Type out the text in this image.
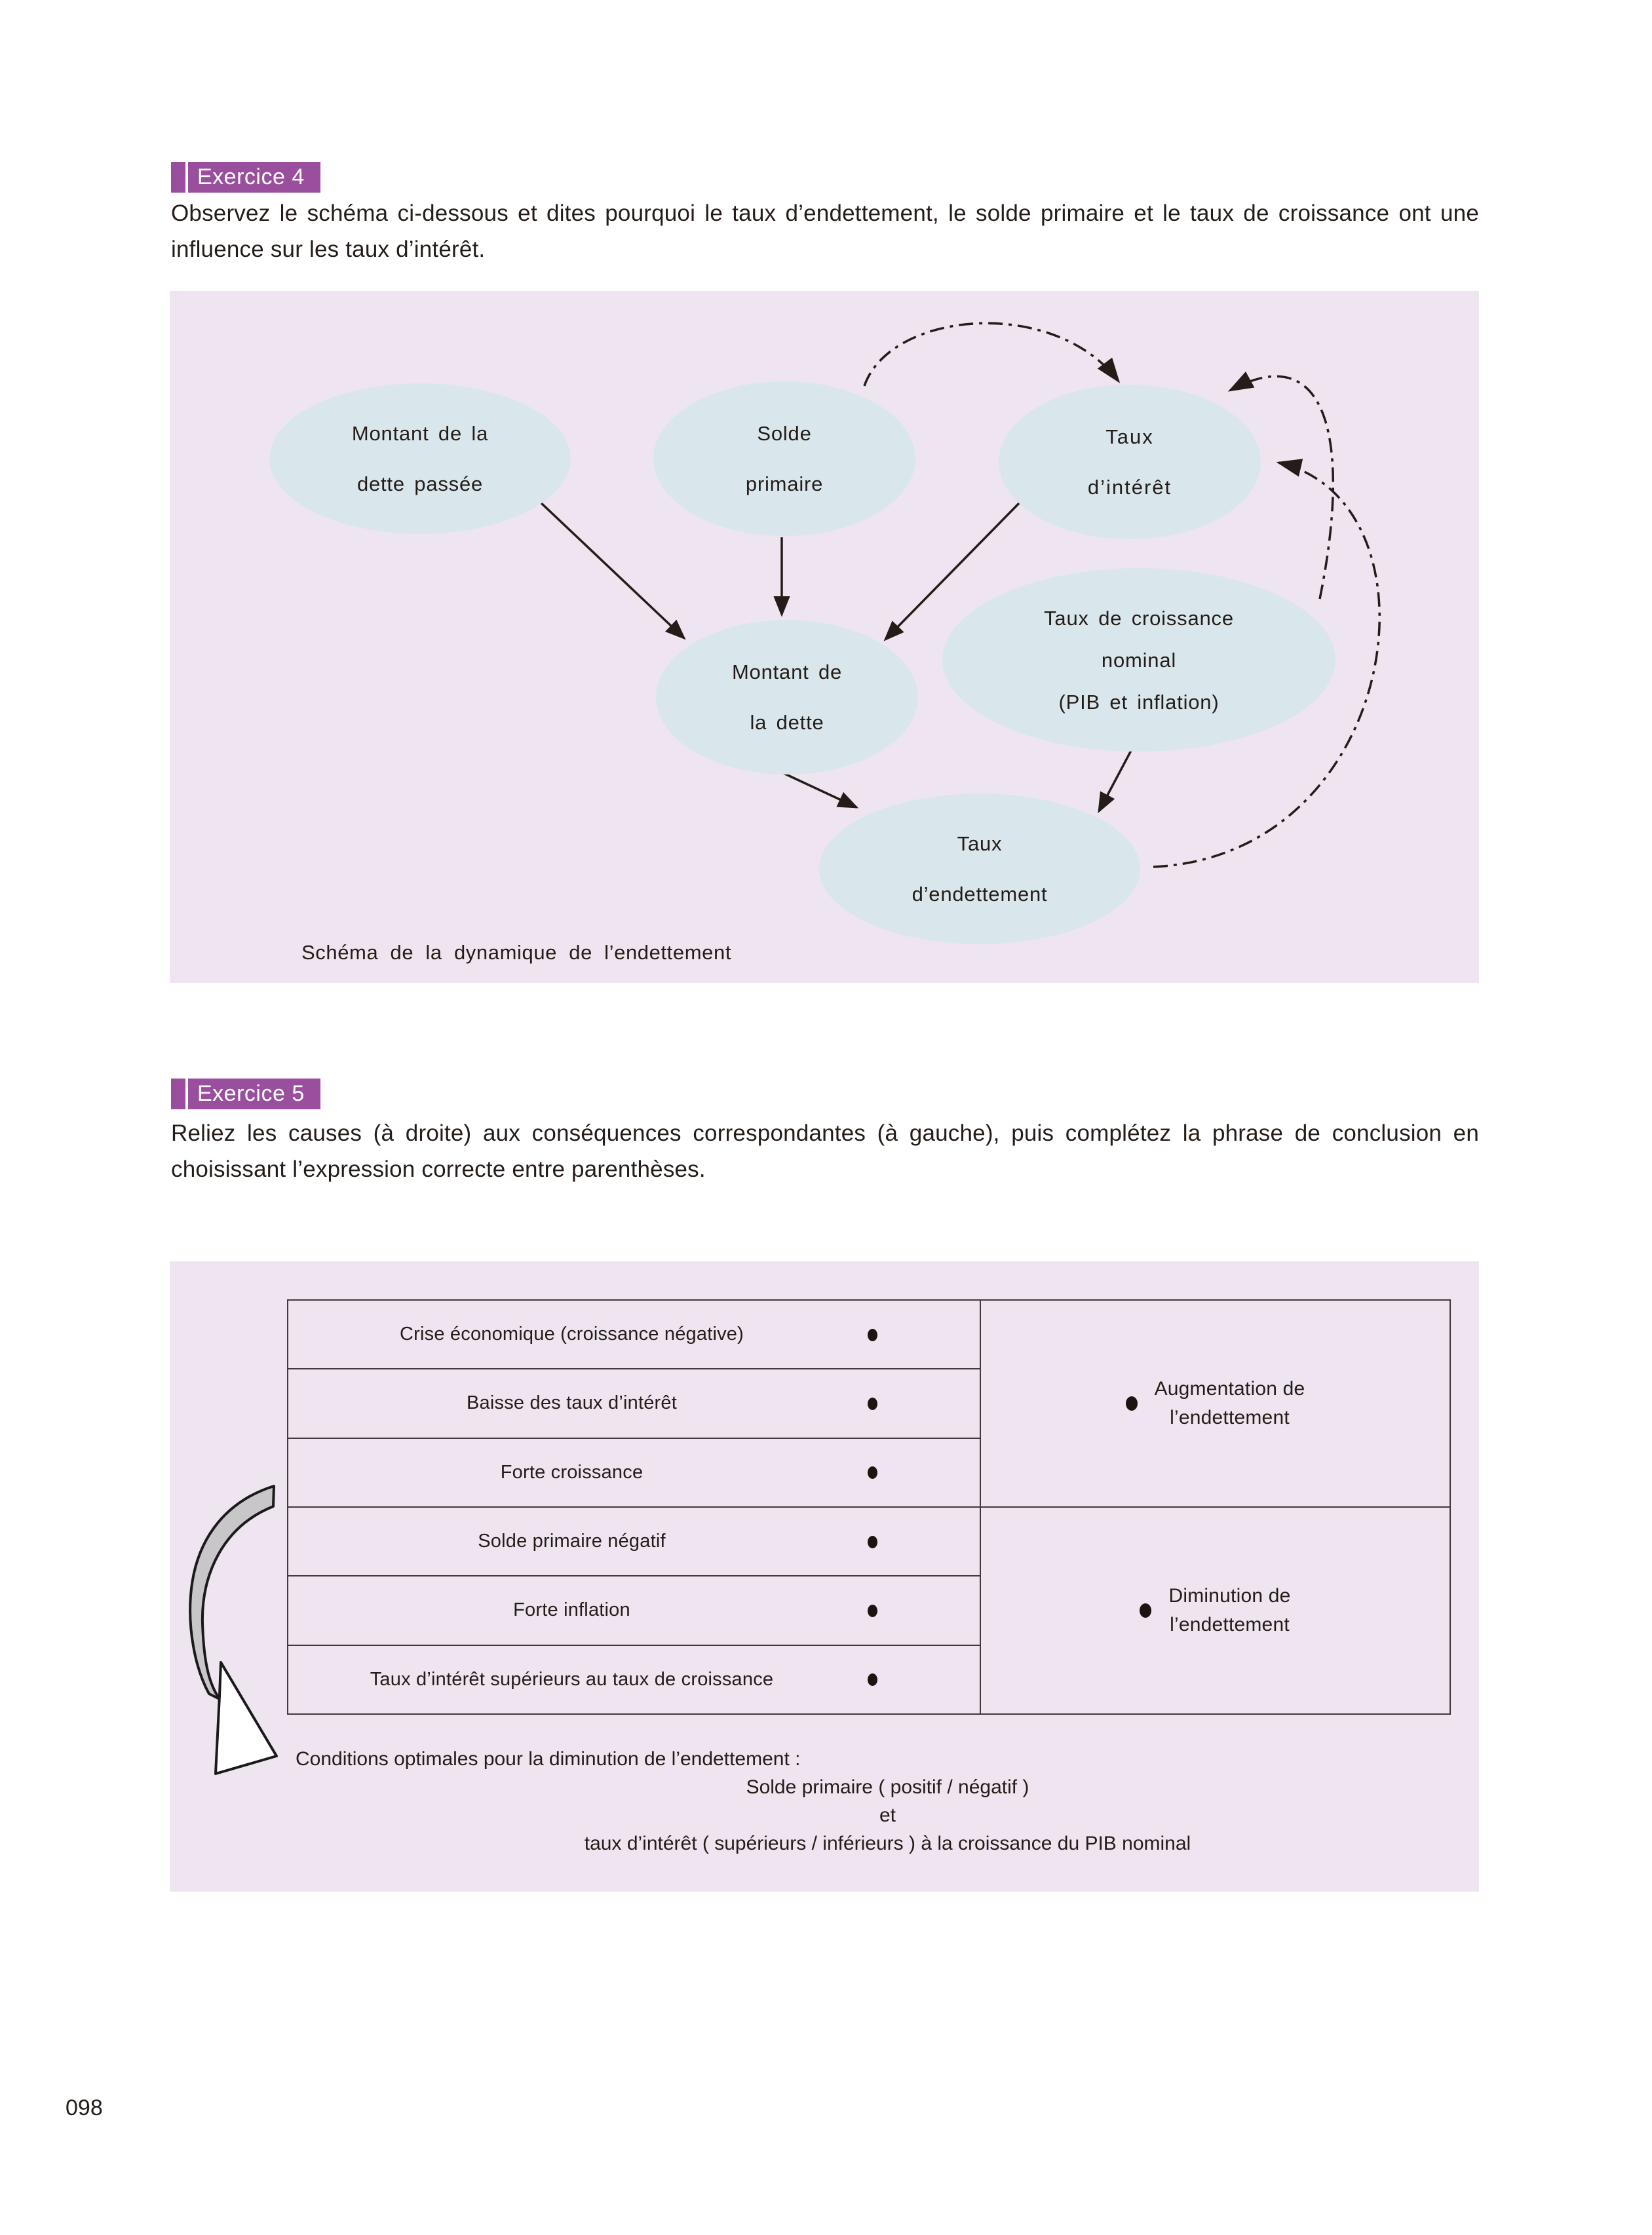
Exercice 4
Observez le schéma ci-dessous et dites pourquoi le taux d’endettement, le solde primaire et le taux de croissance ont une influence sur les taux d’intérêt.
Montant de la
dette passée
Solde
primaire
Taux
d’intérêt
Taux de croissance
nominal
(PIB et inflation)
Montant de
la dette
Taux
d’endettement
Schéma de la dynamique de l’endettement
Exercice 5
Reliez les causes (à droite) aux conséquences correspondantes (à gauche), puis complétez la phrase de conclusion en choisissant l’expression correcte entre parenthèses.
Crise économique (croissance négative)
Baisse des taux d’intérêt
Forte croissance
Solde primaire négatif
Forte inflation
Taux d’intérêt supérieurs au taux de croissance
Augmentation de
l’endettement
Diminution de
l’endettement
Conditions optimales pour la diminution de l’endettement :
Solde primaire ( positif / négatif )
et
taux d’intérêt ( supérieurs / inférieurs ) à la croissance du PIB nominal
098
